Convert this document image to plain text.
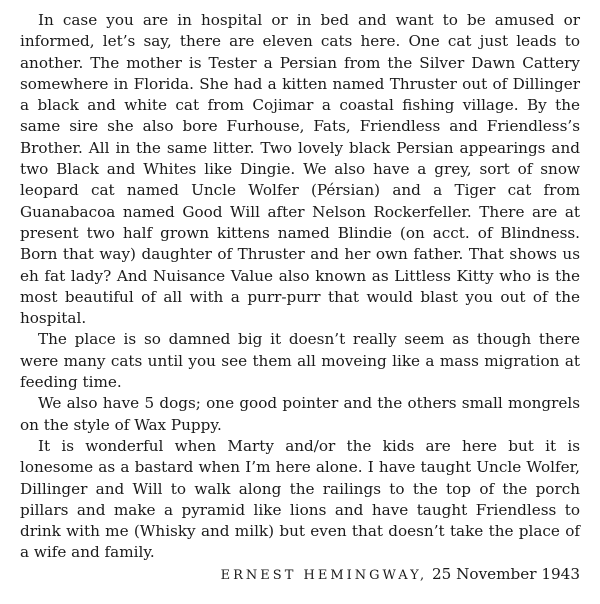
In case you are in hospital or in bed and want to be amused or informed, let’s say, there are eleven cats here. One cat just leads to another. The mother is Tester a Persian from the Silver Dawn Cattery somewhere in Florida. She had a kitten named Thruster out of Dillinger a black and white cat from Cojimar a coastal fishing village. By the same sire she also bore Furhouse, Fats, Friendless and Friendless’s Brother. All in the same litter. Two lovely black Persian appearings and two Black and Whites like Dingie. We also have a grey, sort of snow leopard cat named Uncle Wolfer (Pérsian) and a Tiger cat from Guanabacoa named Good Will after Nelson Rockerfeller. There are at present two half grown kittens named Blindie (on acct. of Blindness. Born that way) daughter of Thruster and her own father. That shows us eh fat lady? And Nuisance Value also known as Littless Kitty who is the most beautiful of all with a purr-purr that would blast you out of the hospital.

The place is so damned big it doesn’t really seem as though there were many cats until you see them all moveing like a mass migration at feeding time.

We also have 5 dogs; one good pointer and the others small mongrels on the style of Wax Puppy.

It is wonderful when Marty and/or the kids are here but it is lonesome as a bastard when I’m here alone. I have taught Uncle Wolfer, Dillinger and Will to walk along the railings to the top of the porch pillars and make a pyramid like lions and have taught Friendless to drink with me (Whisky and milk) but even that doesn’t take the place of a wife and family.

ERNEST HEMINGWAY, 25 November 1943
